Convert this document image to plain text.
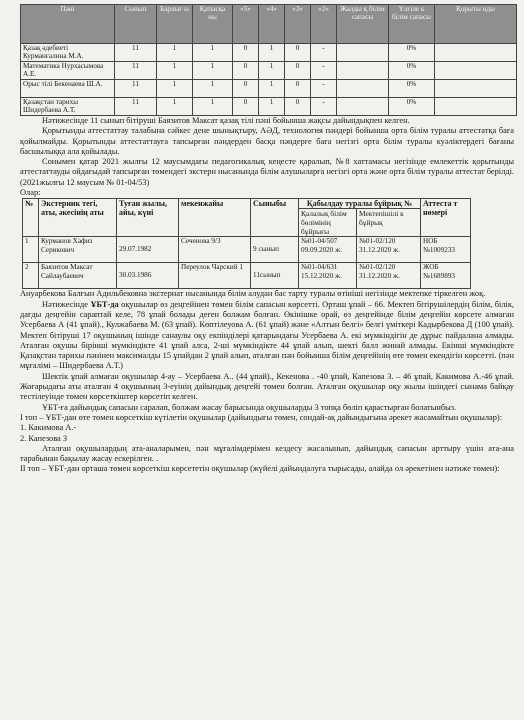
Пәні	Сынып	Барлығ ы	Қатысқа ны	«5»	«4»	«3»	«2»	Жалды қ білім сапасы	Үлгіле к білім сапасы	Қорыты нды
Қазақ әдебиеті Курманғалина М.А.	11	1	1	0	1	0	-		0%	
Математика Нурхасымова А.Е.	11	1	1	0	1	0	-		0%	
Орыс тілі Бекенаева Ш.А.	11	1	1	0	1	0	-		0%	
Қазақстан тарихы Шидербаева А.Т.	11	1	1	0	1	0	-		0%	

Нәтижесінде 11 сынып бітіруші Баязитов Максат қазақ тілі пәні бойынша жақсы дайындықпен келген.

Қорытынды аттестаттау талабына сәйкес дене шынықтыру, АӘД, технология пәндері бойынша орта білім туралы аттестатқа баға қойылмайды. Қорытынды аттестаттауға тапсырған пәндерден басқа пәндерге баға негізгі орта білім туралы куәліктердегі бағаны басшылыққа ала қойылады.

Сонымен қатар 2021 жылғы 12 маусымдағы педагогикалық кеңесте қаралып, №8 хаттамасы негізінде емлекеттік қорытынды аттестаттауды ойдағыдай тапсырған төмендегі экстерн нысанында білім алушыларға негізгі орта және орта білім туралы аттестат берілді. (2021жылғы 12 маусым № 01-04/53)

Олар:

№	Экстерник тегі, аты, әкесінің аты	Туған жылы, айы, күні	мекенжайы	Сыныбы	Қабылдау туралы бұйрық №		Аттеста т нөмері
					Қалалық білім бөлімінің бұйрығы	Мектепішілі к бұйрық	
1	Курманов Хафиз Серикович	29.07.1982	Сеченова 9/3	9 сынып	№01-04/507 09.09.2020 ж.	№01-02/120 31.12.2020 ж.	НОБ №1009233
2	Баязитов Максат Сайлаубаевич	30.03.1986	Переулок Чарский 1	11сынып	№01-04/631 15.12.2020 ж.	№01-02/120 31.12.2020 ж.	ЖОБ №1689893

Ануарбекова Балғын Адильбековна экстернат нысанында білім алудан бас тарту туралы өтініші негізінде мектепке тіркелген жоқ.

Нәтижесінде ҰБТ-да оқушылар өз деңгейінен төмен білім сапасын көрсетті. Орташ ұпай – 66. Мектеп бітірушілердің білім, білік, дағды деңгейін сараптай келе, 78 ұпай болады деген болжам болған. Өкінішке орай, өз деңгейінде білім деңгейін көрсете алмаған Усербаева А (41 ұпай)., Кулжабаева М. (63 ұпай). Көптілеуова А. (61 ұпай) және «Алтын белгі» белгі үміткері Кадырбекова Д (100 ұпай). Мектеп бітіруші 17 оқушының ішінде санаулы оқу екпінділері қатарындағы Усербаева А. екі мүмкіндігін де дұрыс пайдалана алмады. Аталған оқушы бірінші мүмкіндікте 41 ұпай алса, 2-ші мүмкіндікте 44 ұпай алып, шекті балл жинай алмады. Екінші мүмкіндікте Қазақстан тарихы пәнінен максималды 15 ұпайдан 2 ұпай алып, аталған пән бойынша білім деңгейінің өте төмен екендігін көрсетті. (пән мұғалімі – Шидербаева А.Т.)

Шектік ұпай алмаған оқушылар 4-ау – Усербаева А.. (44 ұпай)., Кекенова . -40 ұпай, Капезова 3. – 46 ұпай, Какимова А.-46 ұпай. Жоғарыдағы аты аталған 4 оқушының 3-еуінің дайындық деңгейі төмен болған. Аталған оқушылар оқу жылы ішіндегі сынама байқау тестілеуінде төмен көрсеткіштер көрсетіп келген.

ҰБТ-ға дайындық сапасын саралап, болжам жасау барысында оқушыларды 3 топқа бөліп қарастырған болатынбыз.

I топ – ҰБТ-дан өте төмен көрсеткіш күтілетін оқушылар (дайындығы төмен, сондай-ақ дайындығына әрекет жасамайтын оқушылар):

1. Какимова А.-

2. Капезова З

Аталған оқушылардың ата-аналарымен, пән мұғалімдерімен кездесу жасалынып, дайындық сапасын арттыру үшін ата-ана тарабынан бақылау жасау ескерілген. .

II топ – ҰБТ-дан орташа төмен көрсеткіш көрсететін оқушылар (жүйелі дайындалуға тырысады, алайда ол әрекетінен нәтиже төмен):
